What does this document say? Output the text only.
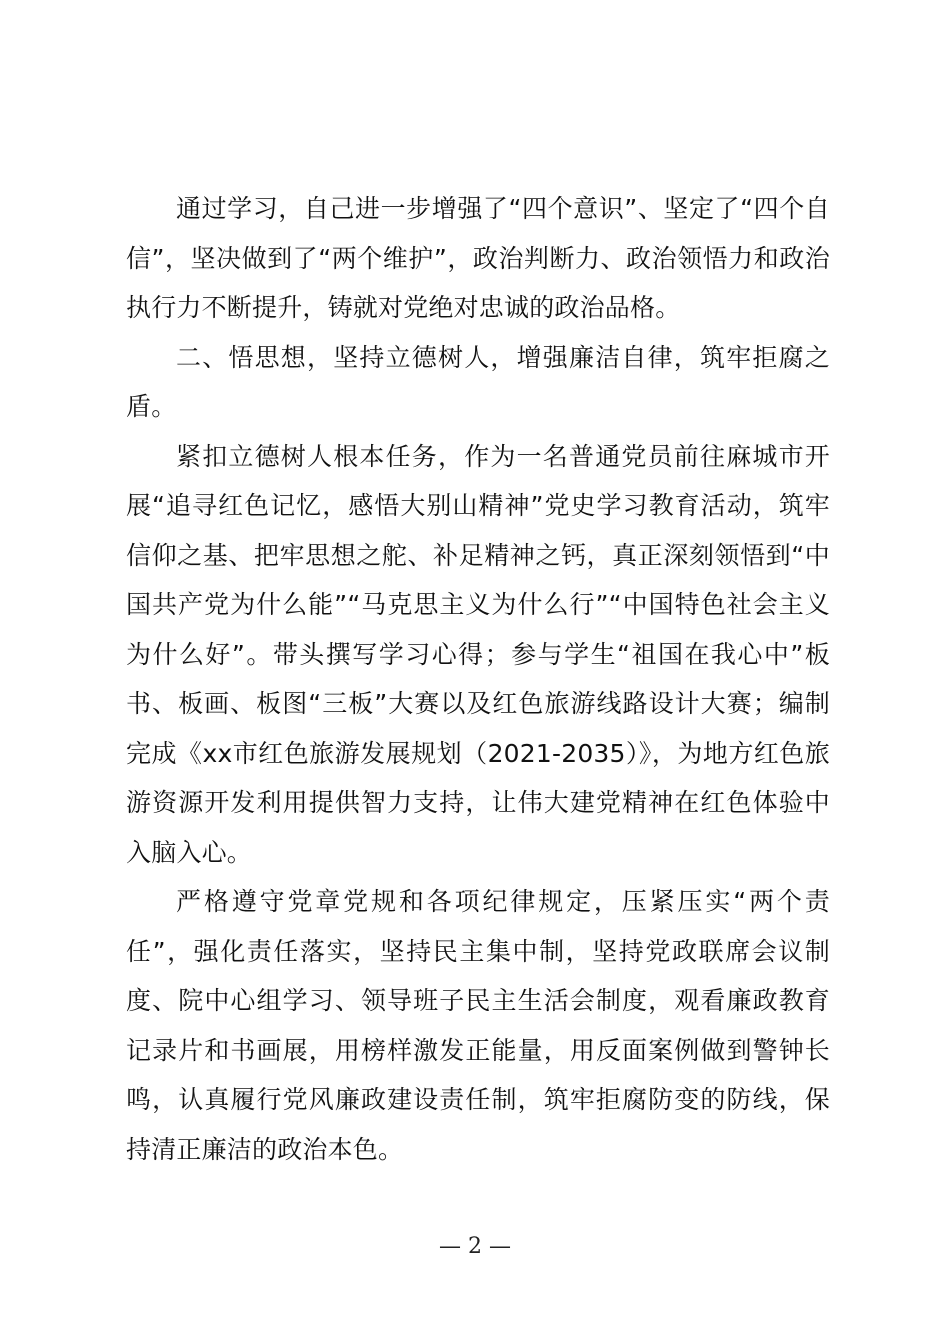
通过学习，自己进一步增强了“四个意识”、坚定了“四个自信”，坚决做到了“两个维护”，政治判断力、政治领悟力和政治执行力不断提升，铸就对党绝对忠诚的政治品格。

二、悟思想，坚持立德树人，增强廉洁自律，筑牢拒腐之盾。

紧扣立德树人根本任务，作为一名普通党员前往麻城市开展“追寻红色记忆，感悟大别山精神”党史学习教育活动，筑牢信仰之基、把牢思想之舵、补足精神之钙，真正深刻领悟到“中国共产党为什么能”“马克思主义为什么行”“中国特色社会主义为什么好”。带头撰写学习心得；参与学生“祖国在我心中”板书、板画、板图“三板”大赛以及红色旅游线路设计大赛；编制完成《xx市红色旅游发展规划（2021-2035）》，为地方红色旅游资源开发利用提供智力支持，让伟大建党精神在红色体验中入脑入心。

严格遵守党章党规和各项纪律规定，压紧压实“两个责任”，强化责任落实，坚持民主集中制，坚持党政联席会议制度、院中心组学习、领导班子民主生活会制度，观看廉政教育记录片和书画展，用榜样激发正能量，用反面案例做到警钟长鸣，认真履行党风廉政建设责任制，筑牢拒腐防变的防线，保持清正廉洁的政治本色。

— 2 —
